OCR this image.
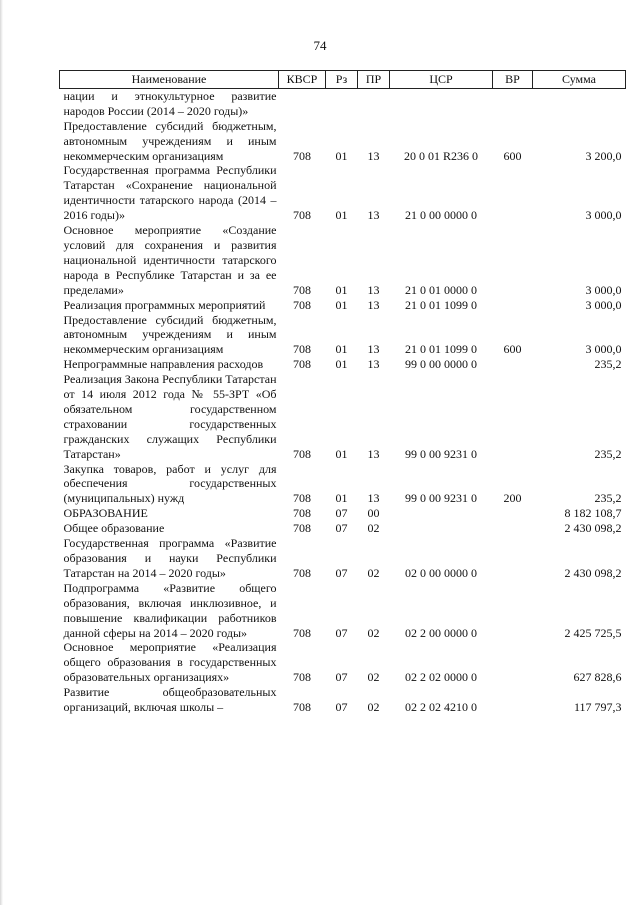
74
Наименование	КВСР	Рз	ПР	ЦСР	ВР	Сумма
нации и этнокультурное развитие народов России (2014 – 2020 годы)»						
Предоставление субсидий бюджетным, автономным учреждениям и иным некоммерческим организациям	708	01	13	20 0 01 R236 0	600	3 200,0
Государственная программа Республики Татарстан «Сохранение национальной идентичности татарского народа (2014 – 2016 годы)»	708	01	13	21 0 00 0000 0		3 000,0
Основное мероприятие «Создание условий для сохранения и развития национальной идентичности татарского народа в Республике Татарстан и за ее пределами»	708	01	13	21 0 01 0000 0		3 000,0
Реализация программных мероприятий	708	01	13	21 0 01 1099 0		3 000,0
Предоставление субсидий бюджетным, автономным учреждениям и иным некоммерческим организациям	708	01	13	21 0 01 1099 0	600	3 000,0
Непрограммные направления расходов	708	01	13	99 0 00 0000 0		235,2
Реализация Закона Республики Татарстан от 14 июля 2012 года № 55-ЗРТ «Об обязательном государственном страховании государственных гражданских служащих Республики Татарстан»	708	01	13	99 0 00 9231 0		235,2
Закупка товаров, работ и услуг для обеспечения государственных (муниципальных) нужд	708	01	13	99 0 00 9231 0	200	235,2
ОБРАЗОВАНИЕ	708	07	00			8 182 108,7
Общее образование	708	07	02			2 430 098,2
Государственная программа «Развитие образования и науки Республики Татарстан на 2014 – 2020 годы»	708	07	02	02 0 00 0000 0		2 430 098,2
Подпрограмма «Развитие общего образования, включая инклюзивное, и повышение квалификации работников данной сферы на 2014 – 2020 годы»	708	07	02	02 2 00 0000 0		2 425 725,5
Основное мероприятие «Реализация общего образования в государственных образовательных организациях»	708	07	02	02 2 02 0000 0		627 828,6
Развитие общеобразовательных организаций, включая школы –	708	07	02	02 2 02 4210 0		117 797,3
